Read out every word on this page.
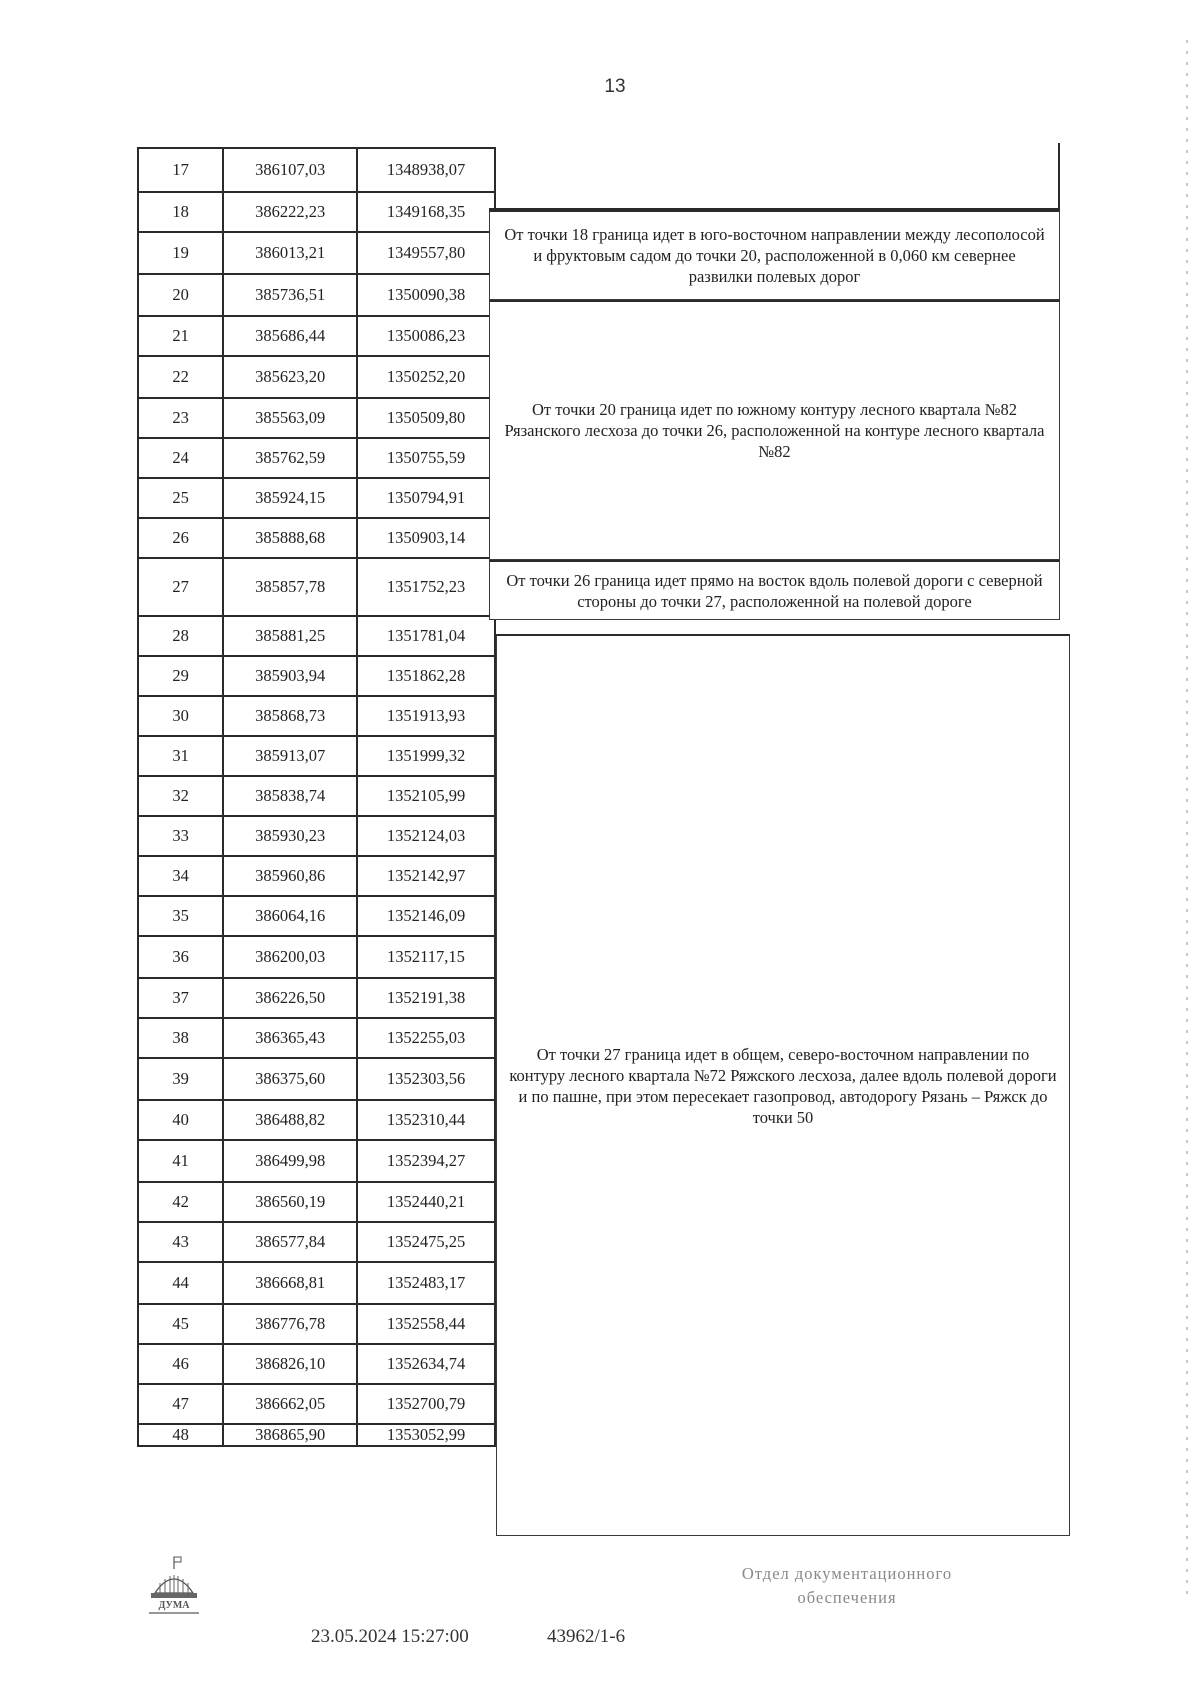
13
17	386107,03	1348938,07
18	386222,23	1349168,35
19	386013,21	1349557,80
20	385736,51	1350090,38
21	385686,44	1350086,23
22	385623,20	1350252,20
23	385563,09	1350509,80
24	385762,59	1350755,59
25	385924,15	1350794,91
26	385888,68	1350903,14
27	385857,78	1351752,23
28	385881,25	1351781,04
29	385903,94	1351862,28
30	385868,73	1351913,93
31	385913,07	1351999,32
32	385838,74	1352105,99
33	385930,23	1352124,03
34	385960,86	1352142,97
35	386064,16	1352146,09
36	386200,03	1352117,15
37	386226,50	1352191,38
38	386365,43	1352255,03
39	386375,60	1352303,56
40	386488,82	1352310,44
41	386499,98	1352394,27
42	386560,19	1352440,21
43	386577,84	1352475,25
44	386668,81	1352483,17
45	386776,78	1352558,44
46	386826,10	1352634,74
47	386662,05	1352700,79
48	386865,90	1353052,99
От точки 18 граница идет в юго-восточном направлении между лесополосой и фруктовым садом до точки 20, расположенной в 0,060 км севернее развилки полевых дорог
От точки 20 граница идет по южному контуру лесного квартала №82 Рязанского лесхоза до точки 26, расположенной на контуре лесного квартала №82
От точки 26 граница идет прямо на восток вдоль полевой дороги с северной стороны до точки 27, расположенной на полевой дороге
От точки 27 граница идет в общем, северо-восточном направлении по контуру лесного квартала №72 Ряжского лесхоза, далее вдоль полевой дороги и по пашне, при этом пересекает газопровод, автодорогу Рязань – Ряжск до точки 50
ДУМА
23.05.2024 15:27:00	43962/1-6
Отдел документационного
обеспечения
